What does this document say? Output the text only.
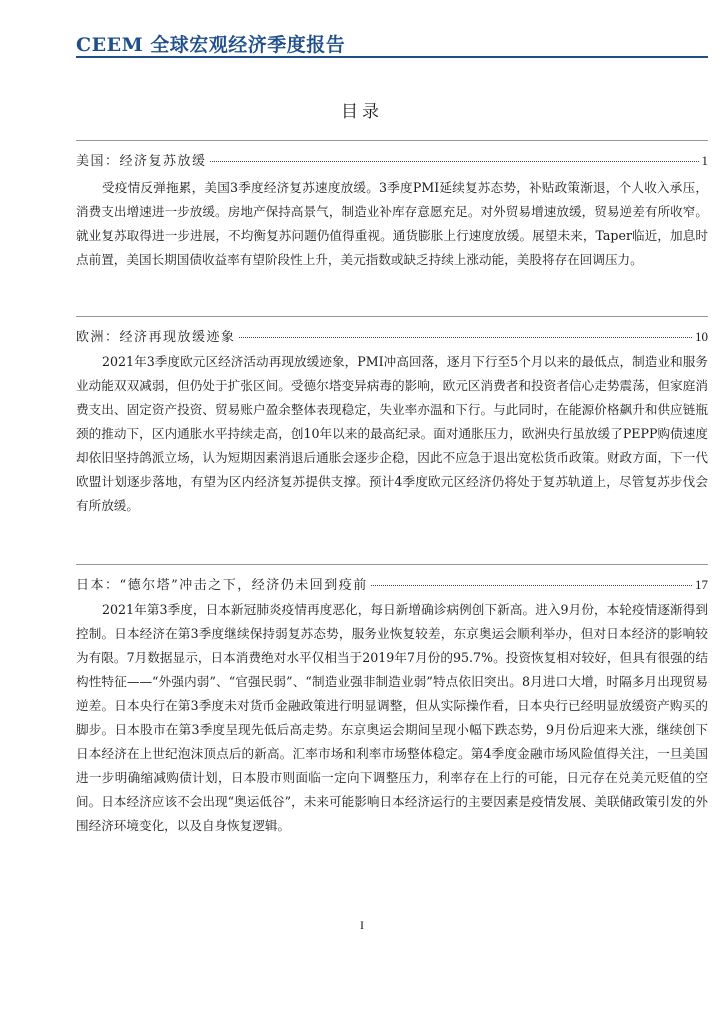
CEEM 全球宏观经济季度报告
目录
美国：经济复苏放缓	1

受疫情反弹拖累，美国3季度经济复苏速度放缓。3季度PMI延续复苏态势，补贴政策渐退，个人收入承压，消费支出增速进一步放缓。房地产保持高景气，制造业补库存意愿充足。对外贸易增速放缓，贸易逆差有所收窄。就业复苏取得进一步进展，不均衡复苏问题仍值得重视。通货膨胀上行速度放缓。展望未来，Taper临近，加息时点前置，美国长期国债收益率有望阶段性上升，美元指数或缺乏持续上涨动能，美股将存在回调压力。

欧洲：经济再现放缓迹象	10

2021年3季度欧元区经济活动再现放缓迹象，PMI冲高回落，逐月下行至5个月以来的最低点，制造业和服务业动能双双减弱，但仍处于扩张区间。受德尔塔变异病毒的影响，欧元区消费者和投资者信心走势震荡，但家庭消费支出、固定资产投资、贸易账户盈余整体表现稳定，失业率亦温和下行。与此同时，在能源价格飙升和供应链瓶颈的推动下，区内通胀水平持续走高，创10年以来的最高纪录。面对通胀压力，欧洲央行虽放缓了PEPP购债速度却依旧坚持鸽派立场，认为短期因素消退后通胀会逐步企稳，因此不应急于退出宽松货币政策。财政方面，下一代欧盟计划逐步落地，有望为区内经济复苏提供支撑。预计4季度欧元区经济仍将处于复苏轨道上，尽管复苏步伐会有所放缓。

日本：“德尔塔”冲击之下，经济仍未回到疫前	17

2021年第3季度，日本新冠肺炎疫情再度恶化，每日新增确诊病例创下新高。进入9月份，本轮疫情逐渐得到控制。日本经济在第3季度继续保持弱复苏态势，服务业恢复较差，东京奥运会顺利举办，但对日本经济的影响较为有限。7月数据显示，日本消费绝对水平仅相当于2019年7月份的95.7%。投资恢复相对较好，但具有很强的结构性特征——“外强内弱”、“官强民弱”、“制造业强非制造业弱”特点依旧突出。8月进口大增，时隔多月出现贸易逆差。日本央行在第3季度未对货币金融政策进行明显调整，但从实际操作看，日本央行已经明显放缓资产购买的脚步。日本股市在第3季度呈现先低后高走势。东京奥运会期间呈现小幅下跌态势，9月份后迎来大涨，继续创下日本经济在上世纪泡沫顶点后的新高。汇率市场和利率市场整体稳定。第4季度金融市场风险值得关注，一旦美国进一步明确缩减购债计划，日本股市则面临一定向下调整压力，利率存在上行的可能，日元存在兑美元贬值的空间。日本经济应该不会出现“奥运低谷”，未来可能影响日本经济运行的主要因素是疫情发展、美联储政策引发的外围经济环境变化，以及自身恢复逻辑。

I
